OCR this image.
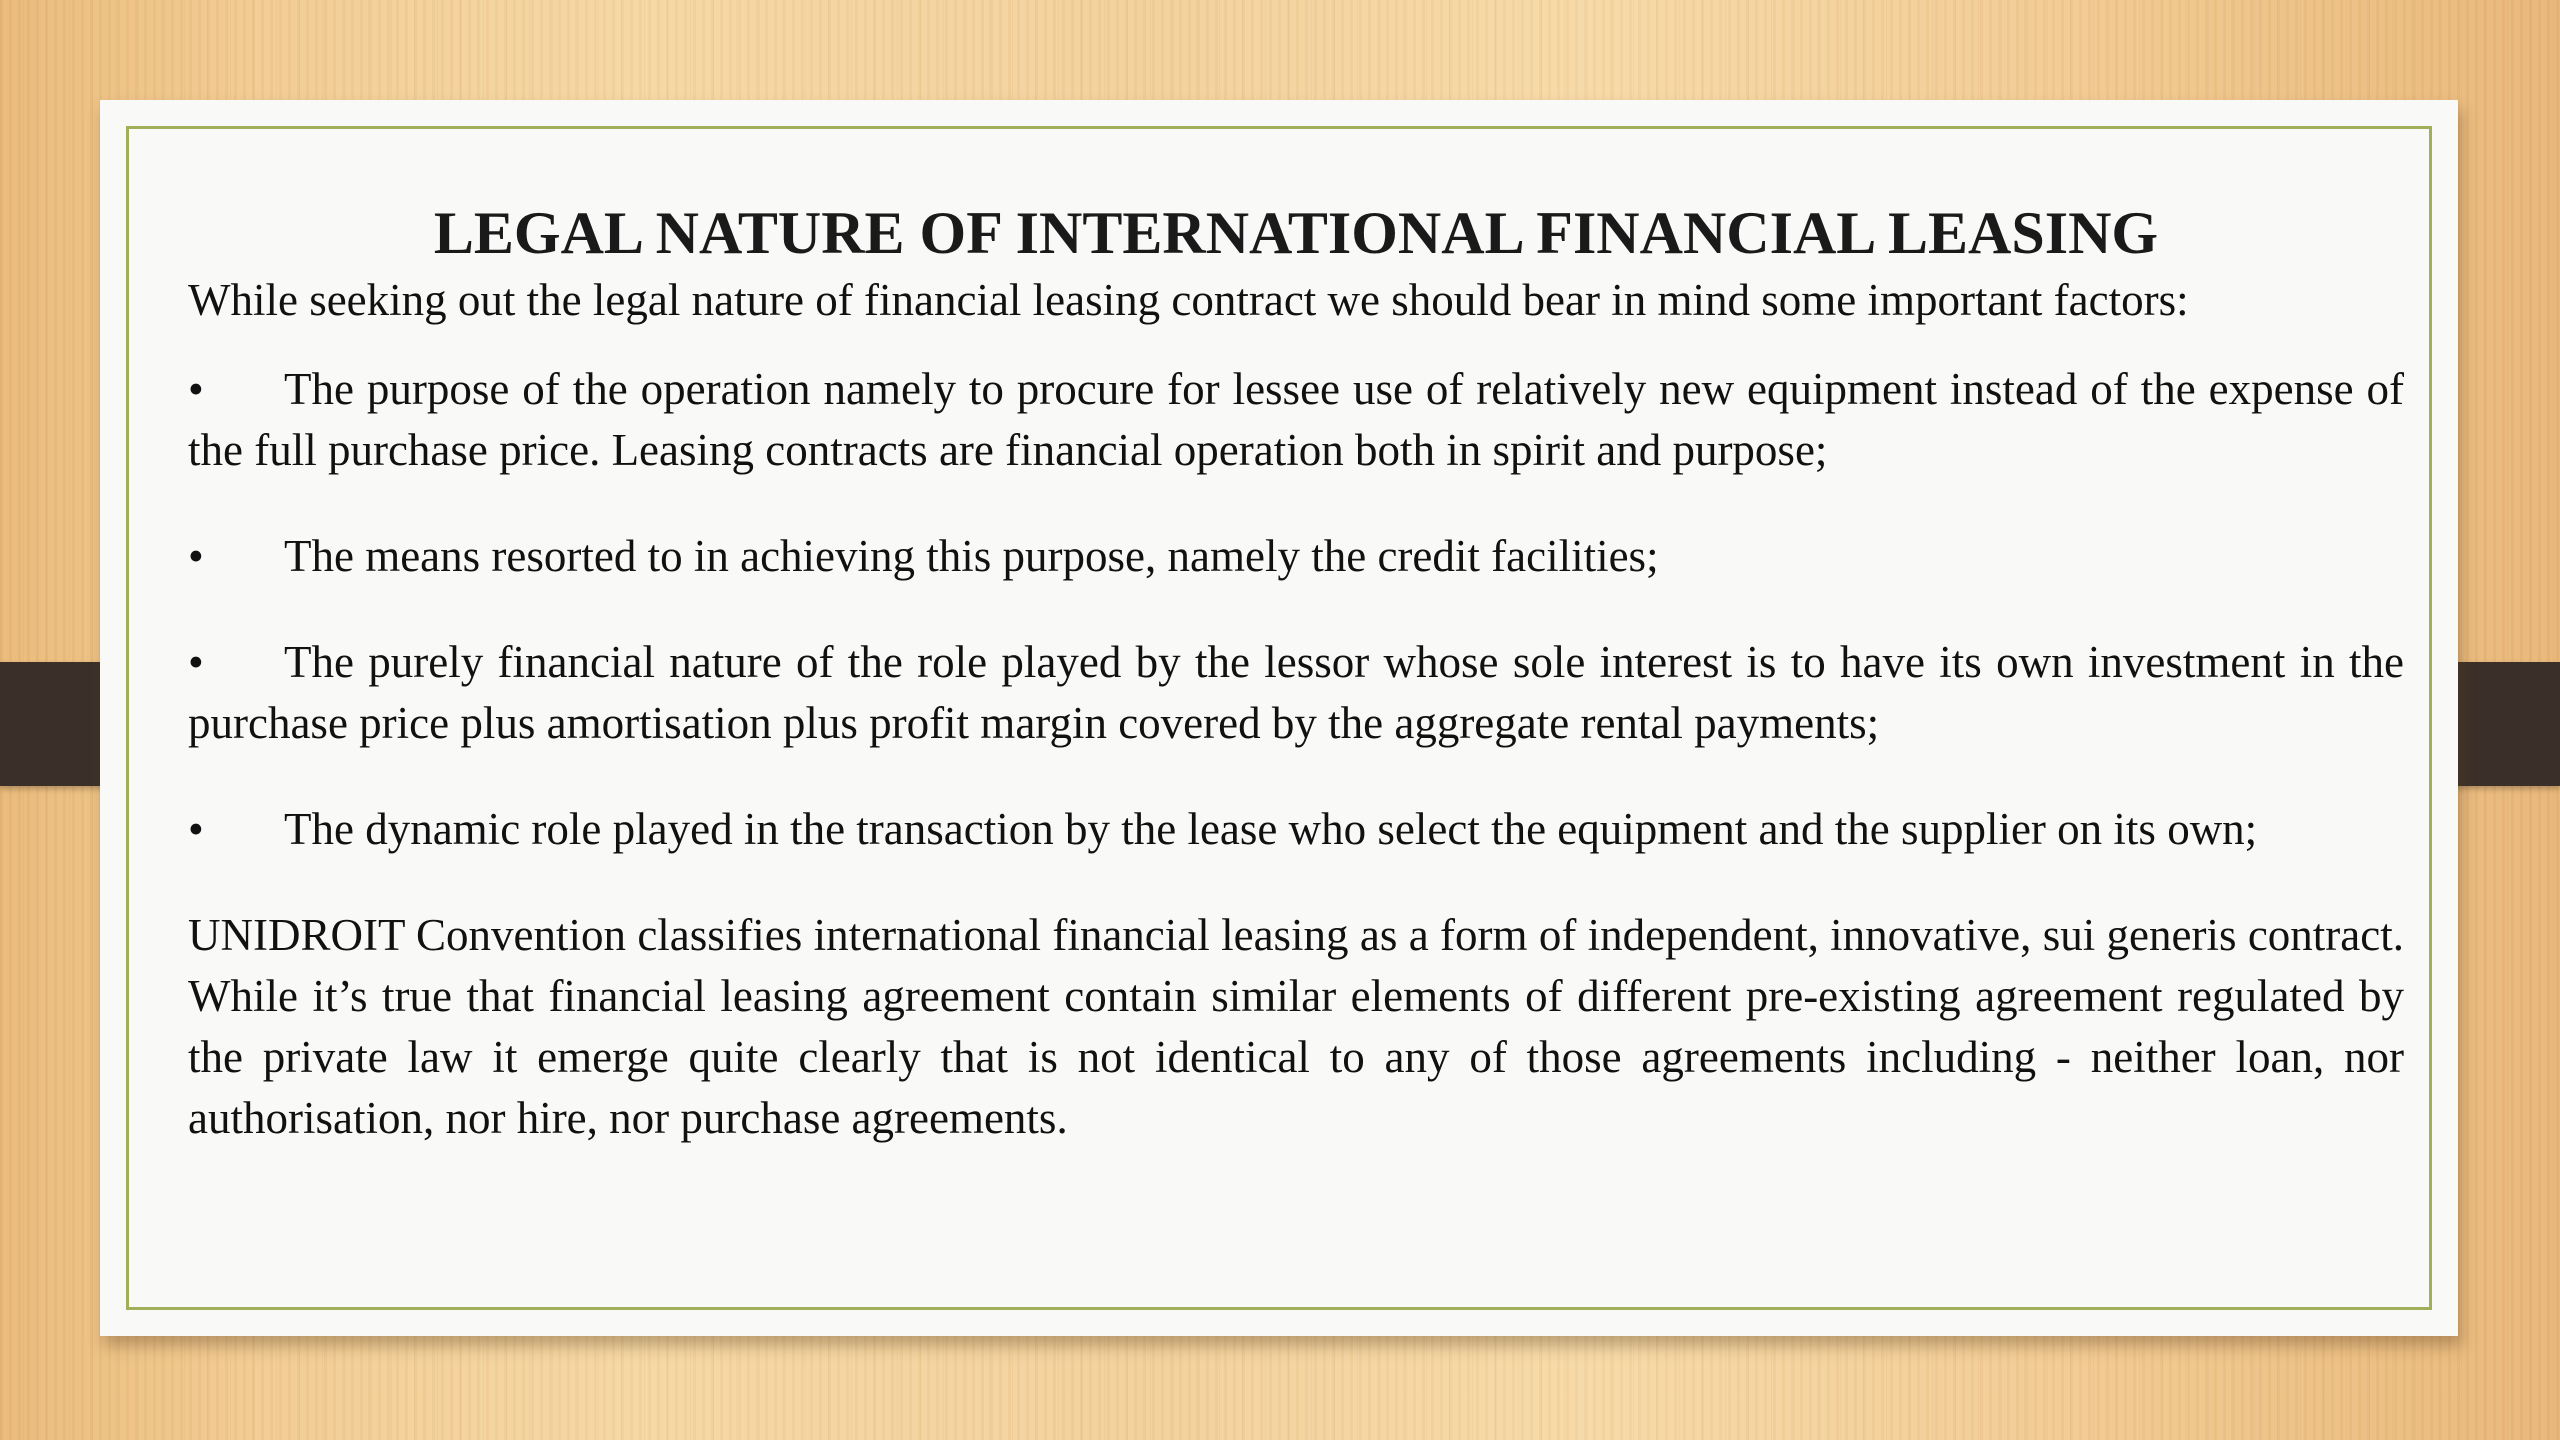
LEGAL NATURE OF INTERNATIONAL FINANCIAL LEASING

While seeking out the legal nature of financial leasing contract we should bear in mind some important factors:

• The purpose of the operation namely to procure for lessee use of relatively new equipment instead of the expense of the full purchase price. Leasing contracts are financial operation both in spirit and purpose;

• The means resorted to in achieving this purpose, namely the credit facilities;

• The purely financial nature of the role played by the lessor whose sole interest is to have its own investment in the purchase price plus amortisation plus profit margin covered by the aggregate rental payments;

• The dynamic role played in the transaction by the lease who select the equipment and the supplier on its own;

UNIDROIT Convention classifies international financial leasing as a form of independent, innovative, sui generis contract. While it’s true that financial leasing agreement contain similar elements of different pre-existing agreement regulated by the private law it emerge quite clearly that is not identical to any of those agreements including - neither loan, nor authorisation, nor hire, nor purchase agreements.
